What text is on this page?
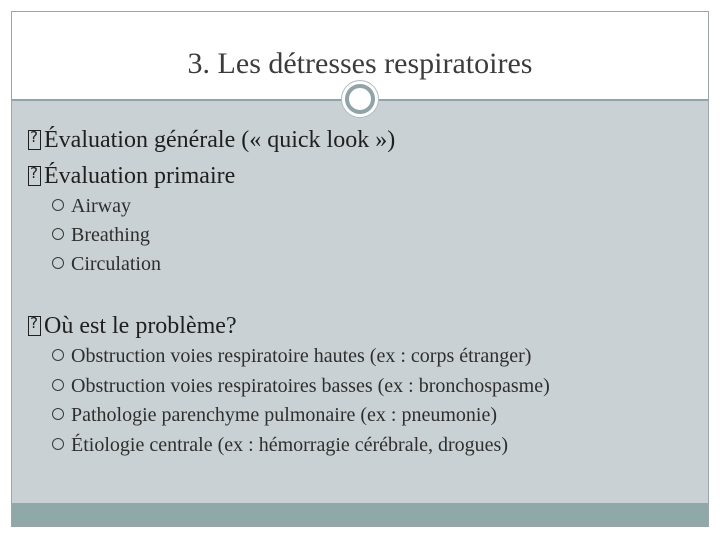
3. Les détresses respiratoires
?Évaluation générale (« quick look »)
?Évaluation primaire
Airway
Breathing
Circulation
?Où est le problème?
Obstruction voies respiratoire hautes (ex : corps étranger)
Obstruction voies respiratoires basses (ex : bronchospasme)
Pathologie parenchyme pulmonaire (ex : pneumonie)
Étiologie centrale (ex : hémorragie cérébrale, drogues)
